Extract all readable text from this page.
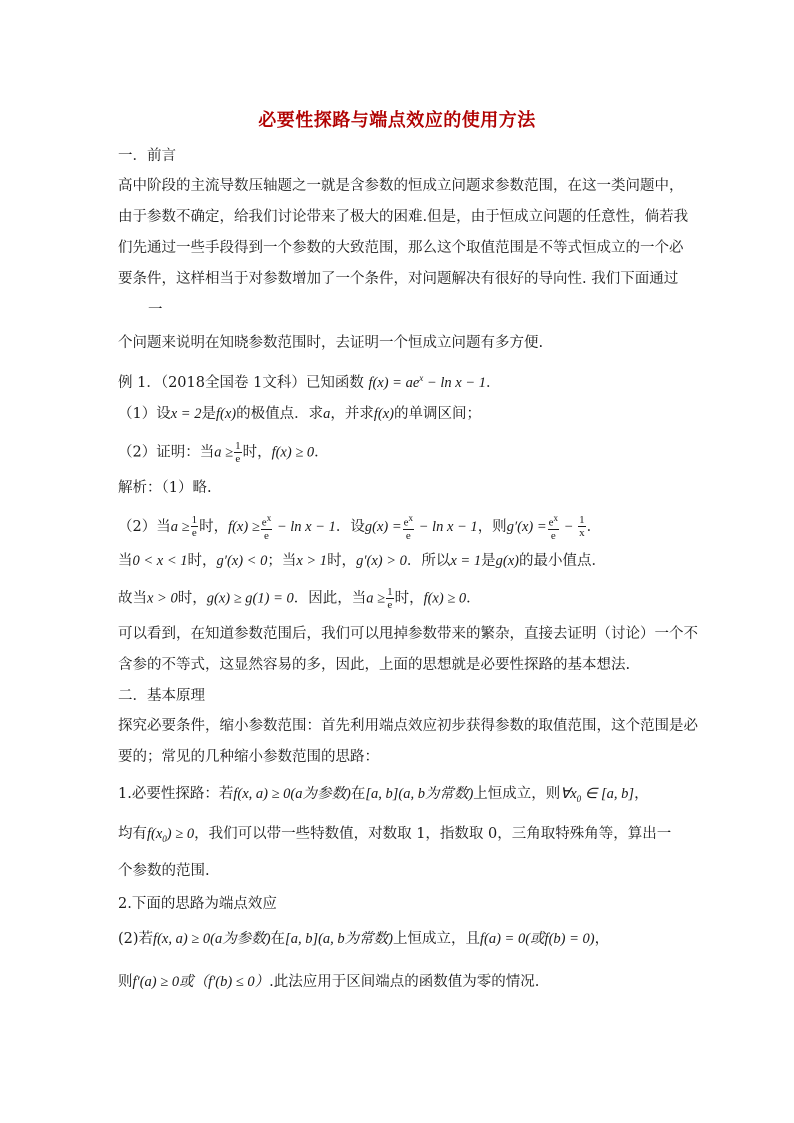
必要性探路与端点效应的使用方法
一．前言
高中阶段的主流导数压轴题之一就是含参数的恒成立问题求参数范围，在这一类问题中，
由于参数不确定，给我们讨论带来了极大的困难.但是，由于恒成立问题的任意性，倘若我
们先通过一些手段得到一个参数的大致范围，那么这个取值范围是不等式恒成立的一个必
要条件，这样相当于对参数增加了一个条件，对问题解决有很好的导向性. 我们下面通过
一
个问题来说明在知晓参数范围时，去证明一个恒成立问题有多方便.
例 1．（2018全国卷 1文科）已知函数 $f(x) = ae^x - \ln x - 1$．
（1）设x = 2是f(x)的极值点．求a，并求f(x)的单调区间；
（2）证明：当$a \ge \frac{1}{e}$ 时，f(x) ≥ 0．
解析：（1）略.
（2）当$a \ge \frac{1}{e}$ 时，$f(x) \ge \frac{e^x}{e} - \ln x - 1$．设$g(x) = \frac{e^x}{e} - \ln x - 1$，则$g'(x) = \frac{e^x}{e} - \frac{1}{x}$ ．
当0 < x < 1时，g′(x) < 0；当x > 1时，g′(x) > 0．所以x = 1是g(x)的最小值点．
故当x > 0时，g(x) ≥ g(1) = 0．因此，当$a \ge \frac{1}{e}$ 时，f(x) ≥ 0．
可以看到，在知道参数范围后，我们可以甩掉参数带来的繁杂，直接去证明（讨论）一个不
含参的不等式，这显然容易的多，因此，上面的思想就是必要性探路的基本想法.
二．基本原理
探究必要条件，缩小参数范围：首先利用端点效应初步获得参数的取值范围，这个范围是必
要的；常见的几种缩小参数范围的思路：
1.必要性探路：若f(x, a) ≥ 0(a为参数)在[a, b](a, b为常数)上恒成立，则$\forall x_0$ ∈ [a, b]，
均有$f(x_0) \ge 0$，我们可以带一些特数值，对数取 1，指数取 0，三角取特殊角等，算出一
个参数的范围.
2.下面的思路为端点效应
(2)若f(x, a) ≥ 0(a为参数)在[a, b](a, b为常数)上恒成立，且f(a) = 0(或f(b) = 0)，
则f′(a) ≥ 0或（f′(b) ≤ 0）.此法应用于区间端点的函数值为零的情况.
